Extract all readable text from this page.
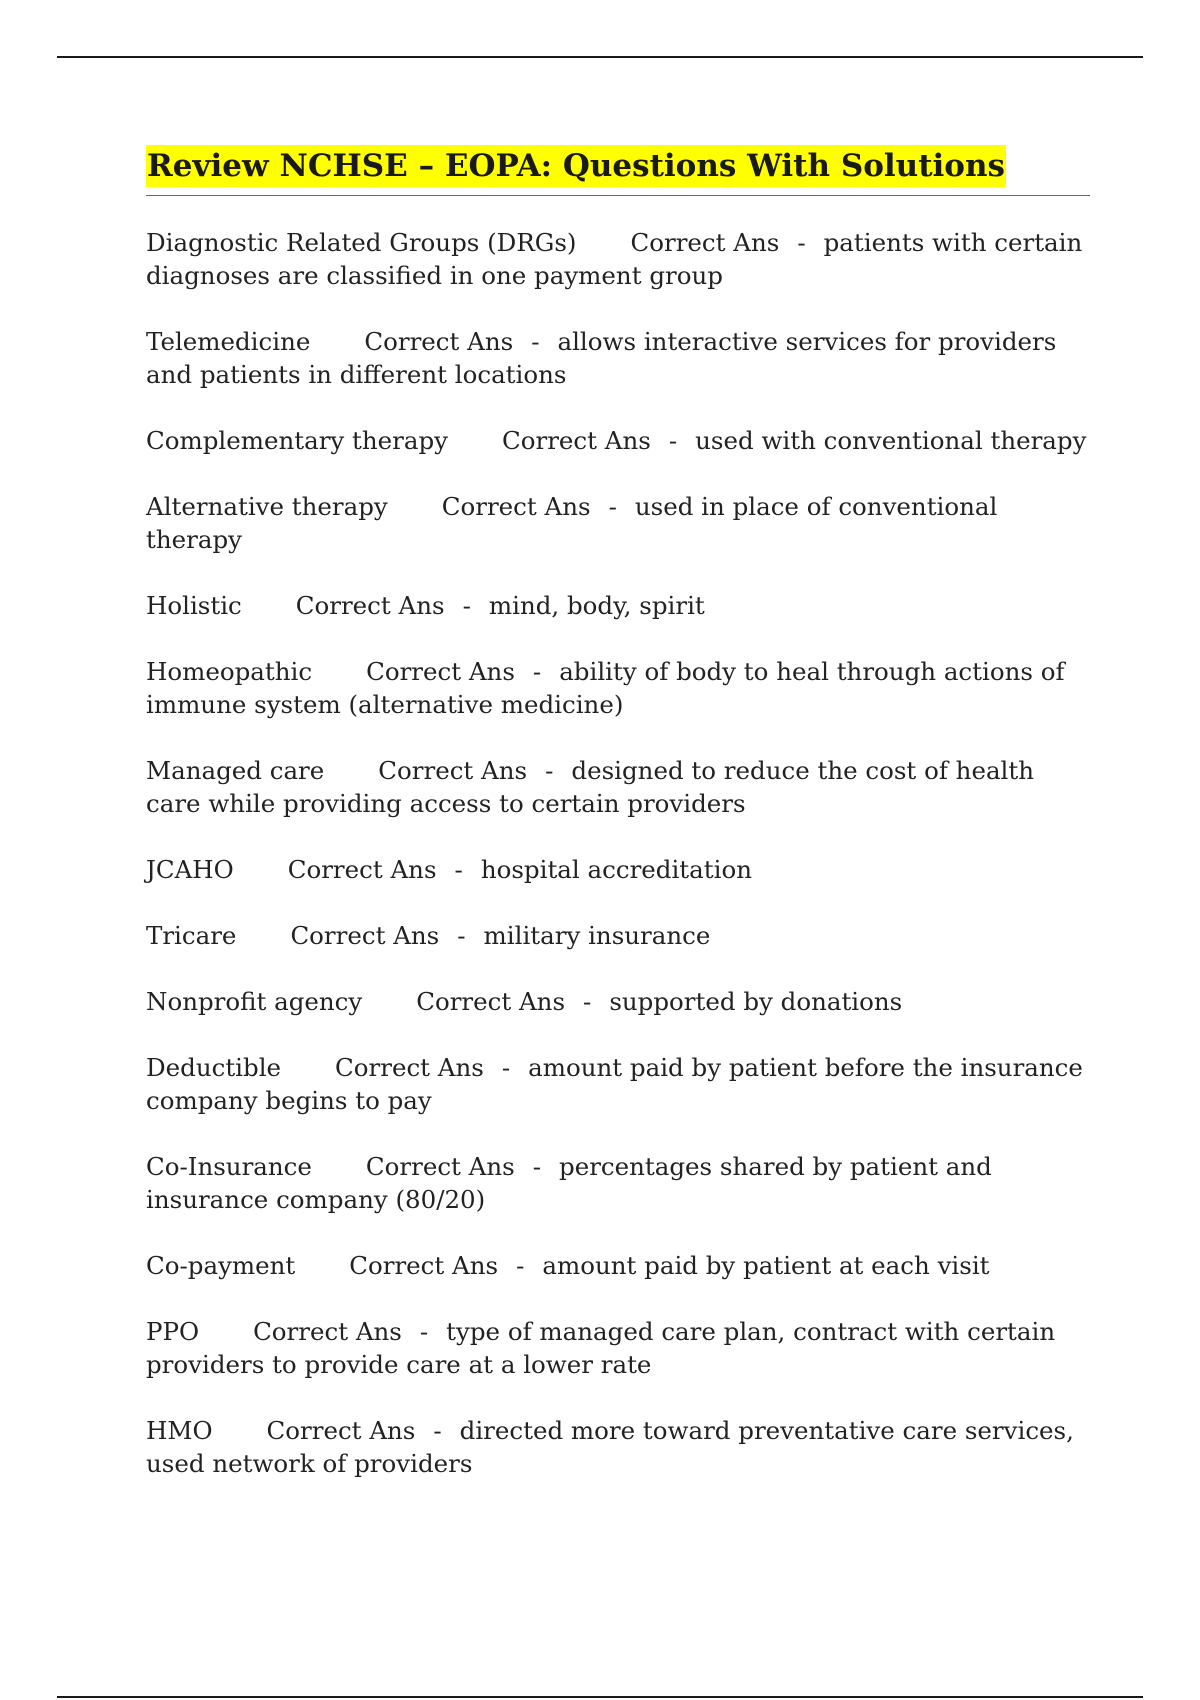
Review NCHSE – EOPA: Questions With Solutions

Diagnostic Related Groups (DRGs) Correct Ans - patients with certain diagnoses are classified in one payment group

Telemedicine Correct Ans - allows interactive services for providers and patients in different locations

Complementary therapy Correct Ans - used with conventional therapy

Alternative therapy Correct Ans - used in place of conventional therapy

Holistic Correct Ans - mind, body, spirit

Homeopathic Correct Ans - ability of body to heal through actions of immune system (alternative medicine)

Managed care Correct Ans - designed to reduce the cost of health care while providing access to certain providers

JCAHO Correct Ans - hospital accreditation

Tricare Correct Ans - military insurance

Nonprofit agency Correct Ans - supported by donations

Deductible Correct Ans - amount paid by patient before the insurance company begins to pay

Co-Insurance Correct Ans - percentages shared by patient and insurance company (80/20)

Co-payment Correct Ans - amount paid by patient at each visit

PPO Correct Ans - type of managed care plan, contract with certain providers to provide care at a lower rate

HMO Correct Ans - directed more toward preventative care services, used network of providers
